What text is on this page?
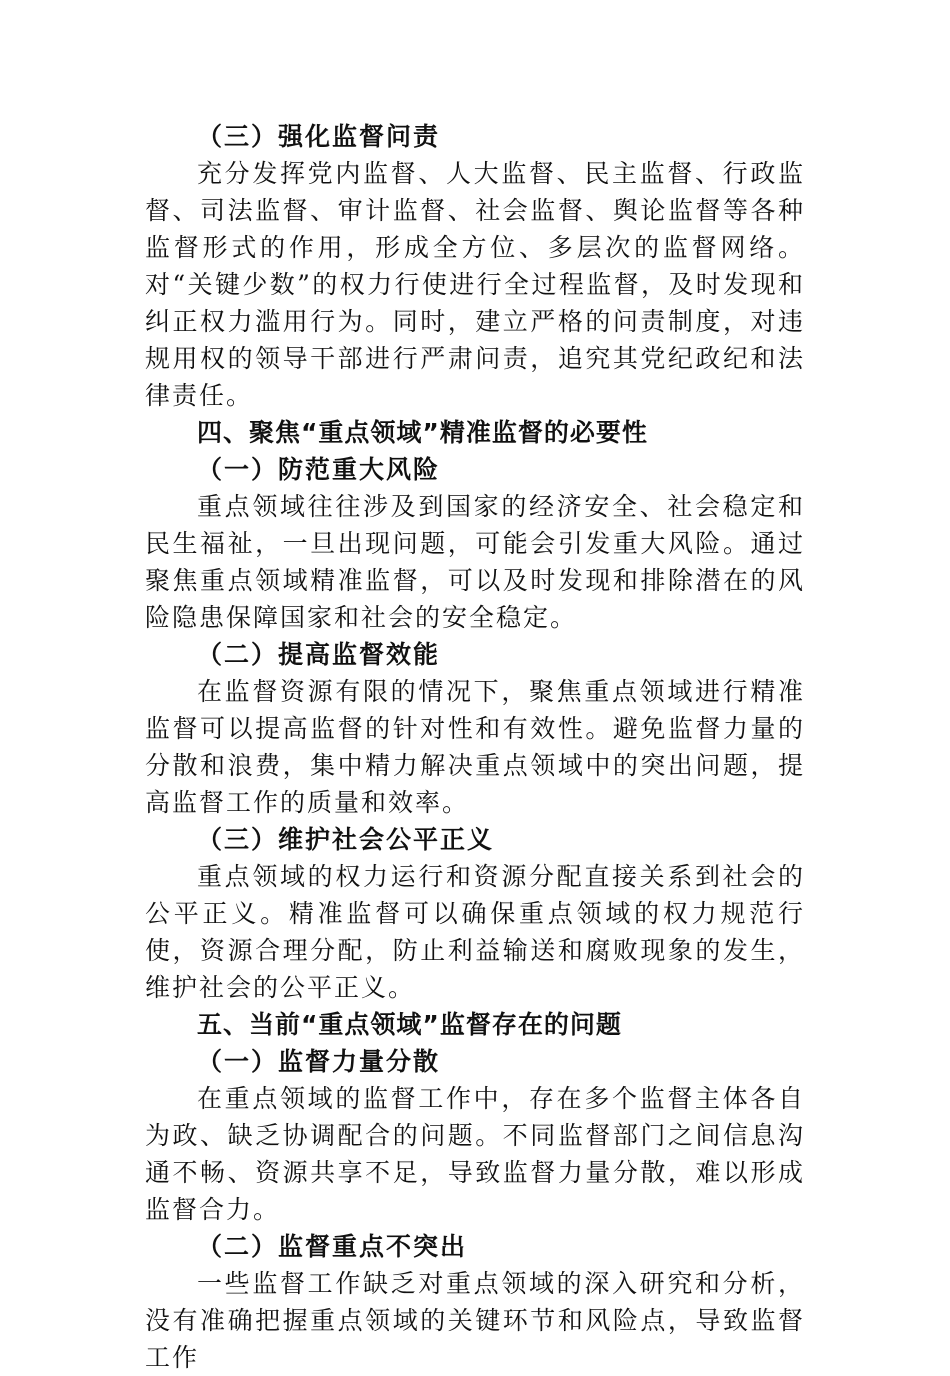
（三）强化监督问责

充分发挥党内监督、人大监督、民主监督、行政监督、司法监督、审计监督、社会监督、舆论监督等各种监督形式的作用，形成全方位、多层次的监督网络。对“关键少数”的权力行使进行全过程监督，及时发现和纠正权力滥用行为。同时，建立严格的问责制度，对违规用权的领导干部进行严肃问责，追究其党纪政纪和法律责任。

四、聚焦“重点领域”精准监督的必要性

（一）防范重大风险

重点领域往往涉及到国家的经济安全、社会稳定和民生福祉，一旦出现问题，可能会引发重大风险。通过聚焦重点领域精准监督，可以及时发现和排除潜在的风险隐患保障国家和社会的安全稳定。

（二）提高监督效能

在监督资源有限的情况下，聚焦重点领域进行精准监督可以提高监督的针对性和有效性。避免监督力量的分散和浪费，集中精力解决重点领域中的突出问题，提高监督工作的质量和效率。

（三）维护社会公平正义

重点领域的权力运行和资源分配直接关系到社会的公平正义。精准监督可以确保重点领域的权力规范行使，资源合理分配，防止利益输送和腐败现象的发生，维护社会的公平正义。

五、当前“重点领域”监督存在的问题

（一）监督力量分散

在重点领域的监督工作中，存在多个监督主体各自为政、缺乏协调配合的问题。不同监督部门之间信息沟通不畅、资源共享不足，导致监督力量分散，难以形成监督合力。

（二）监督重点不突出

一些监督工作缺乏对重点领域的深入研究和分析，没有准确把握重点领域的关键环节和风险点，导致监督工作
